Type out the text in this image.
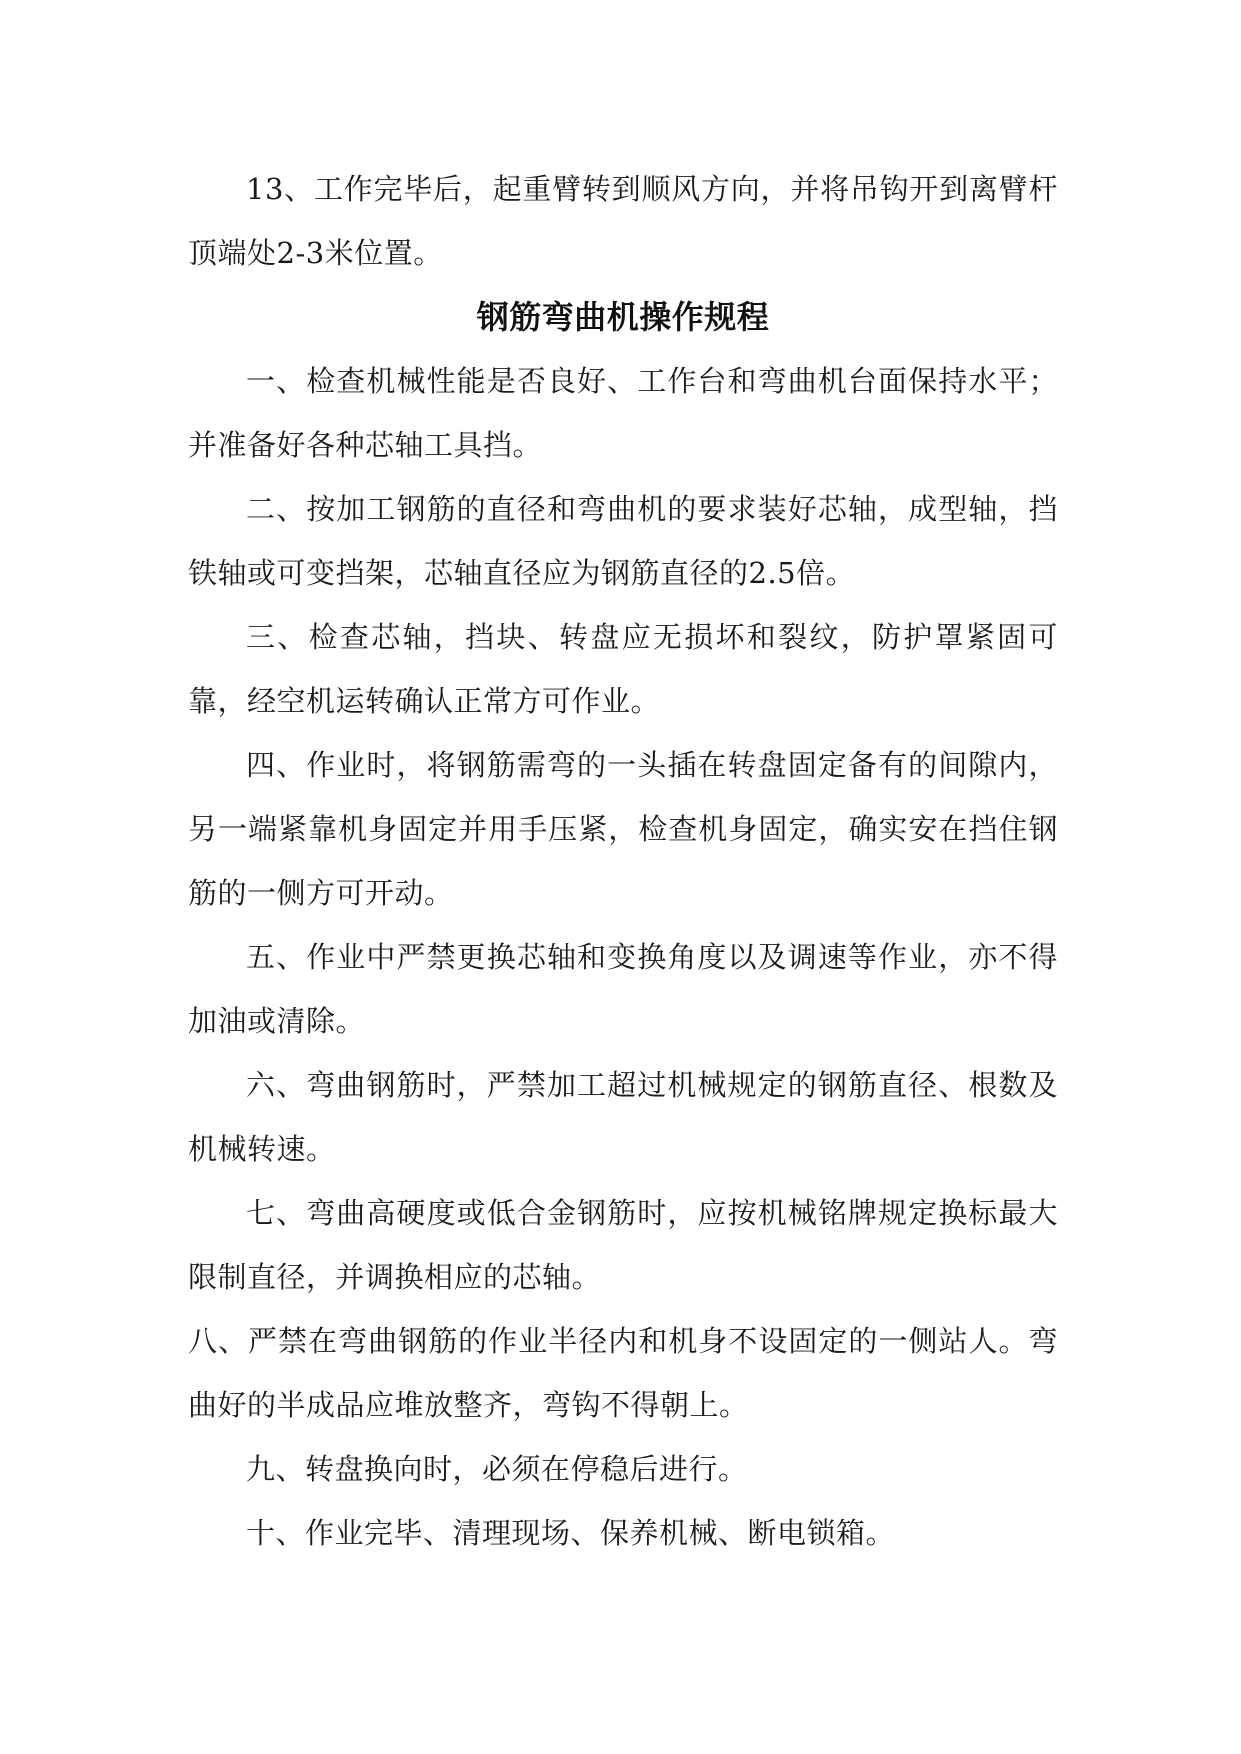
13、工作完毕后，起重臂转到顺风方向，并将吊钩开到离臂杆顶端处2-3米位置。

钢筋弯曲机操作规程

一、检查机械性能是否良好、工作台和弯曲机台面保持水平；并准备好各种芯轴工具挡。

二、按加工钢筋的直径和弯曲机的要求装好芯轴，成型轴，挡铁轴或可变挡架，芯轴直径应为钢筋直径的2.5倍。

三、检查芯轴，挡块、转盘应无损坏和裂纹，防护罩紧固可靠，经空机运转确认正常方可作业。

四、作业时，将钢筋需弯的一头插在转盘固定备有的间隙内，另一端紧靠机身固定并用手压紧，检查机身固定，确实安在挡住钢筋的一侧方可开动。

五、作业中严禁更换芯轴和变换角度以及调速等作业，亦不得加油或清除。

六、弯曲钢筋时，严禁加工超过机械规定的钢筋直径、根数及机械转速。

七、弯曲高硬度或低合金钢筋时，应按机械铭牌规定换标最大限制直径，并调换相应的芯轴。

八、严禁在弯曲钢筋的作业半径内和机身不设固定的一侧站人。弯曲好的半成品应堆放整齐，弯钩不得朝上。

九、转盘换向时，必须在停稳后进行。

十、作业完毕、清理现场、保养机械、断电锁箱。
